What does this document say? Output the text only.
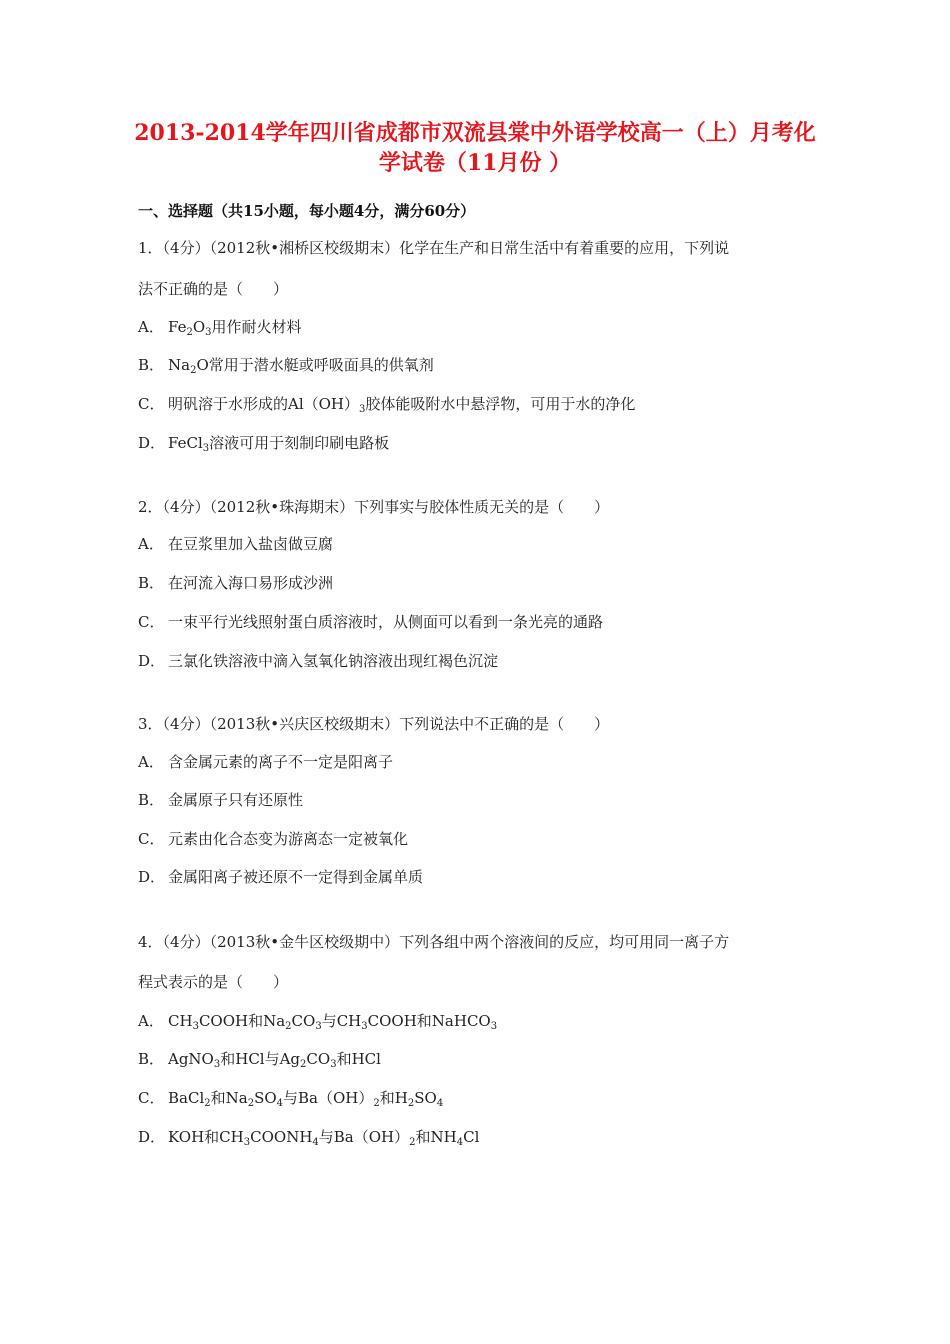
2013-2014学年四川省成都市双流县棠中外语学校高一（上）月考化
学试卷（11月份 ）
一、选择题（共15小题，每小题4分，满分60分）
1．（4分）（2012秋•湘桥区校级期末）化学在生产和日常生活中有着重要的应用，下列说
法不正确的是（　　）
A． $Fe_2O_3$用作耐火材料
B． $Na_2O$常用于潜水艇或呼吸面具的供氧剂
C． 明矾溶于水形成的$Al(OH)_3$胶体能吸附水中悬浮物，可用于水的净化
D． FeCl$_3$溶液可用于刻制印刷电路板
2．（4分）（2012秋•珠海期末）下列事实与胶体性质无关的是（　　）
A． 在豆浆里加入盐卤做豆腐
B． 在河流入海口易形成沙洲
C． 一束平行光线照射蛋白质溶液时，从侧面可以看到一条光亮的通路
D． 三氯化铁溶液中滴入氢氧化钠溶液出现红褐色沉淀
3．（4分）（2013秋•兴庆区校级期末）下列说法中不正确的是（　　）
A． 含金属元素的离子不一定是阳离子
B． 金属原子只有还原性
C． 元素由化合态变为游离态一定被氧化
D． 金属阳离子被还原不一定得到金属单质
4．（4分）（2013秋•金牛区校级期中）下列各组中两个溶液间的反应，均可用同一离子方
程式表示的是（　　）
A． $CH_3COOH$和$Na_2CO_3$与$CH_3COOH$和NaHCO$_3$
B． AgNO$_3$和HCl与$Ag_2CO_3$和HCl
C． BaCl$_2$和$Na_2SO_4$与$Ba(OH)_2$和$H_2SO_4$
D． KOH和$CH_3COONH_4$与$Ba(OH)_2$和$NH_4Cl$
